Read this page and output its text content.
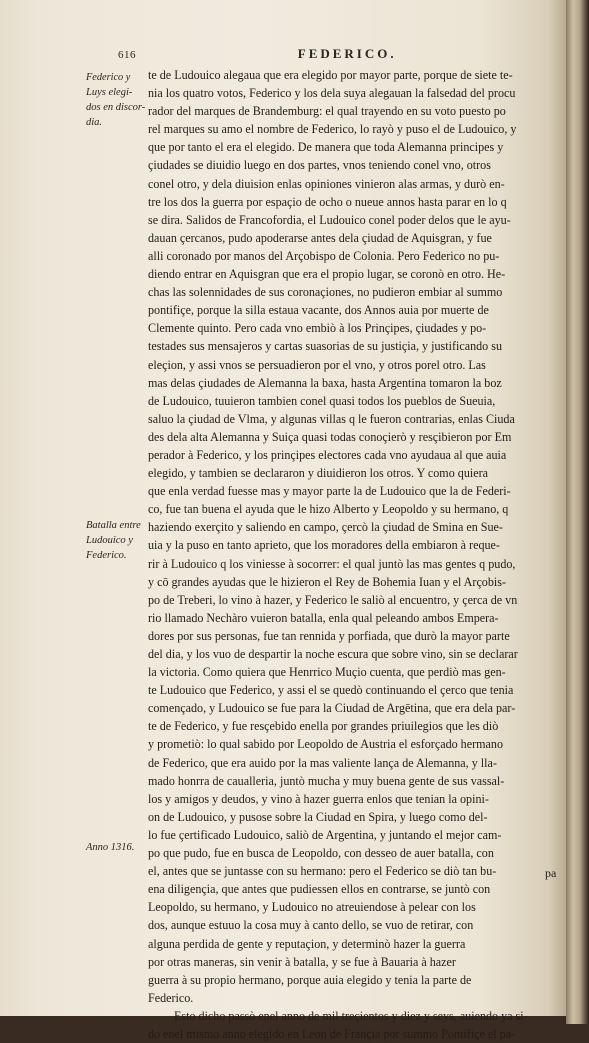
616	FEDERICO.
Federico y
Luys elegi-
dos en discor-
dia.
Batalla entre
Ludouico y
Federico.
Anno 1316.
te de Ludouico alegaua que era elegido por mayor parte, porque de siete te-
nia los quatro votos, Federico y los dela suya alegauan la falsedad del procu
rador del marques de Brandemburg: el qual trayendo en su voto puesto po
rel marques su amo el nombre de Federico, lo rayò y puso el de Ludouico, y
que por tanto el era el elegido. De manera que toda Alemanna principes y
çiudades se diuidio luego en dos partes, vnos teniendo conel vno, otros
conel otro, y dela diuision enlas opiniones vinieron alas armas, y durò en-
tre los dos la guerra por espaçio de ocho o nueue annos hasta parar en lo q
se dira. Salidos de Francofordia, el Ludouico conel poder delos que le ayu-
dauan çercanos, pudo apoderarse antes dela çiudad de Aquisgran, y fue
alli coronado por manos del Arçobispo de Colonia. Pero Federico no pu-
diendo entrar en Aquisgran que era el propio lugar, se coronò en otro. He-
chas las solennidades de sus coronaçiones, no pudieron embiar al summo
pontifiçe, porque la silla estaua vacante, dos Annos auia por muerte de
Clemente quinto. Pero cada vno embiò à los Prinçipes, çiudades y po-
testades sus mensajeros y cartas suasorias de su justiçia, y justificando su
eleçion, y assi vnos se persuadieron por el vno, y otros porel otro. Las
mas delas çiudades de Alemanna la baxa, hasta Argentina tomaron la boz
de Ludouico, tuuieron tambien conel quasi todos los pueblos de Sueuia,
saluo la çiudad de Vlma, y algunas villas q le fueron contrarias, enlas Ciuda
des dela alta Alemanna y Suiça quasi todas conoçierò y resçibieron por Em
perador à Federico, y los prinçipes electores cada vno ayudaua al que auia
elegido, y tambien se declararon y diuidieron los otros. Y como quiera
que enla verdad fuesse mas y mayor parte la de Ludouico que la de Federi-
co, fue tan buena el ayuda que le hizo Alberto y Leopoldo y su hermano, q
haziendo exerçito y saliendo en campo, çercò la çiudad de Smina en Sue-
uia y la puso en tanto aprieto, que los moradores della embiaron à reque-
rir à Ludouico q los viniesse à socorrer: el qual juntò las mas gentes q pudo,
y cō grandes ayudas que le hizieron el Rey de Bohemia Iuan y el Arçobis-
po de Treberi, lo vino à hazer, y Federico le saliò al encuentro, y çerca de vn
rio llamado Nechàro vuieron batalla, enla qual peleando ambos Empera-
dores por sus personas, fue tan rennida y porfiada, que durò la mayor parte
del dia, y los vuo de despartir la noche escura que sobre vino, sin se declarar
la victoria. Como quiera que Henrrico Muçio cuenta, que perdiò mas gen-
te Ludouico que Federico, y assi el se quedò continuando el çerco que tenia
començado, y Ludouico se fue para la Ciudad de Argētina, que era dela par-
te de Federico, y fue resçebido enella por grandes priuilegios que les diò
y prometiò: lo qual sabido por Leopoldo de Austria el esforçado hermano
de Federico, que era auido por la mas valiente lança de Alemanna, y lla-
mado honrra de caualleria, juntò mucha y muy buena gente de sus vassal-
los y amigos y deudos, y vino à hazer guerra enlos que tenian la opini-
on de Ludouico, y pusose sobre la Ciudad en Spira, y luego como del-
lo fue çertificado Ludouico, saliò de Argentina, y juntando el mejor cam-
po que pudo, fue en busca de Leopoldo, con desseo de auer batalla, con
el, antes que se juntasse con su hermano: pero el Federico se diò tan bu-
ena diligençia, que antes que pudiessen ellos en contrarse, se juntò con
Leopoldo, su hermano, y Ludouico no atreuiendose à pelear con los
dos, aunque estuuo la cosa muy à canto dello, se vuo de retirar, con
alguna perdida de gente y reputaçion, y determinò hazer la guerra
por otras maneras, sin venir à batalla, y se fue à Bauaria à hazer
guerra à su propio hermano, porque auia elegido y tenia la parte de
Federico.
Esto dicho passò enel anno de mil treçientos y diez y seys, auiendo ya si-
do enel mismo anno elegido en Leon de Françia por summo Pontifiçe el pa-
pa
